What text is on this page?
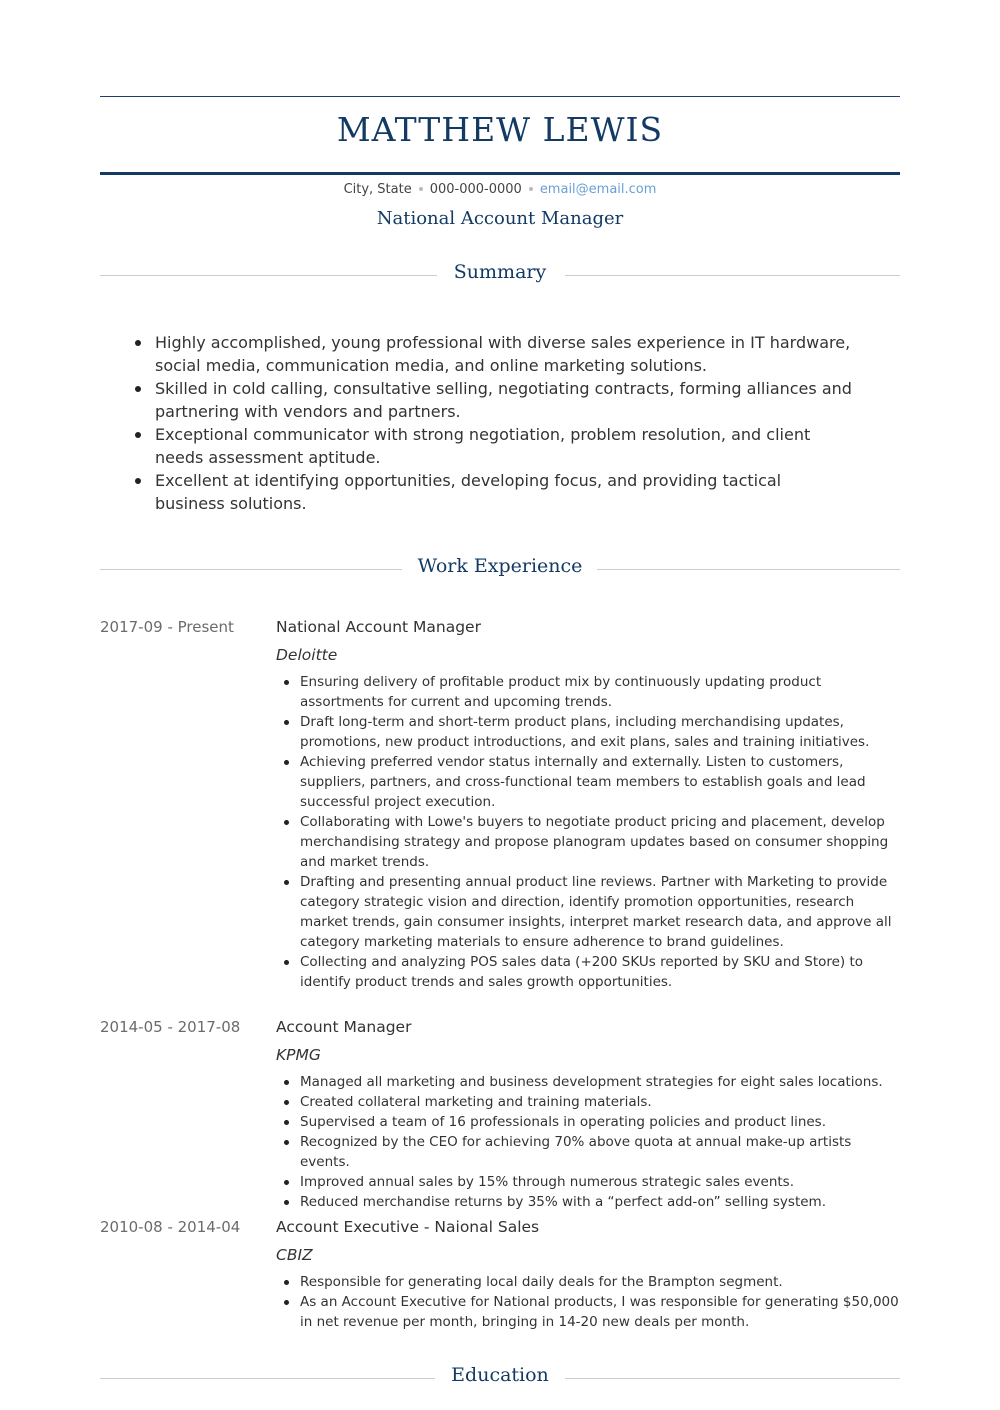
MATTHEW LEWIS
City, State 000-000-0000 email@email.com
National Account Manager
Summary
Highly accomplished, young professional with diverse sales experience in IT hardware, social media, communication media, and online marketing solutions.
Skilled in cold calling, consultative selling, negotiating contracts, forming alliances and partnering with vendors and partners.
Exceptional communicator with strong negotiation, problem resolution, and client needs assessment aptitude.
Excellent at identifying opportunities, developing focus, and providing tactical business solutions.
Work Experience
2017-09 - Present	National Account Manager
Deloitte
Ensuring delivery of profitable product mix by continuously updating product assortments for current and upcoming trends.
Draft long-term and short-term product plans, including merchandising updates, promotions, new product introductions, and exit plans, sales and training initiatives.
Achieving preferred vendor status internally and externally. Listen to customers, suppliers, partners, and cross-functional team members to establish goals and lead successful project execution.
Collaborating with Lowe's buyers to negotiate product pricing and placement, develop merchandising strategy and propose planogram updates based on consumer shopping and market trends.
Drafting and presenting annual product line reviews. Partner with Marketing to provide category strategic vision and direction, identify promotion opportunities, research market trends, gain consumer insights, interpret market research data, and approve all category marketing materials to ensure adherence to brand guidelines.
Collecting and analyzing POS sales data (+200 SKUs reported by SKU and Store) to identify product trends and sales growth opportunities.
2014-05 - 2017-08 Account Manager
KPMG
Managed all marketing and business development strategies for eight sales locations.
Created collateral marketing and training materials.
Supervised a team of 16 professionals in operating policies and product lines.
Recognized by the CEO for achieving 70% above quota at annual make-up artists events.
Improved annual sales by 15% through numerous strategic sales events.
Reduced merchandise returns by 35% with a “perfect add-on” selling system.
2010-08 - 2014-04 Account Executive - Naional Sales
CBIZ
Responsible for generating local daily deals for the Brampton segment.
As an Account Executive for National products, I was responsible for generating $50,000 in net revenue per month, bringing in 14-20 new deals per month.
Education
